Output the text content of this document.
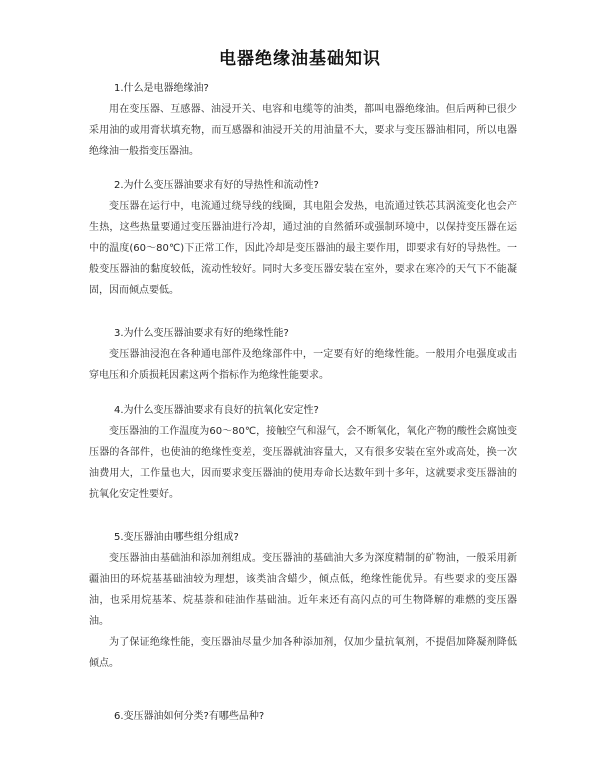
电器绝缘油基础知识
1.什么是电器绝缘油?
用在变压器、互感器、油浸开关、电容和电缆等的油类，都叫电器绝缘油。但后两种已很少采用油的或用膏状填充物，而互感器和油浸开关的用油量不大，要求与变压器油相同，所以电器绝缘油一般指变压器油。
2.为什么变压器油要求有好的导热性和流动性?
变压器在运行中，电流通过绕导线的线圈，其电阻会发热，电流通过铁芯其涡流变化也会产生热，这些热量要通过变压器油进行冷却，通过油的自然循环或强制环境中，以保持变压器在运中的温度(60～80℃)下正常工作，因此冷却是变压器油的最主要作用，即要求有好的导热性。一般变压器油的黏度较低，流动性较好。同时大多变压器安装在室外，要求在寒冷的天气下不能凝固，因而倾点要低。
3.为什么变压器油要求有好的绝缘性能?
变压器油浸泡在各种通电部件及绝缘部件中，一定要有好的绝缘性能。一般用介电强度或击穿电压和介质损耗因素这两个指标作为绝缘性能要求。
4.为什么变压器油要求有良好的抗氧化安定性?
变压器油的工作温度为60～80℃，接触空气和湿气，会不断氧化，氧化产物的酸性会腐蚀变压器的各部件，也使油的绝缘性变差，变压器就油容量大，又有很多安装在室外或高处，换一次油费用大，工作量也大，因而要求变压器油的使用寿命长达数年到十多年，这就要求变压器油的抗氧化安定性要好。
5.变压器油由哪些组分组成?
变压器油由基础油和添加剂组成。变压器油的基础油大多为深度精制的矿物油，一般采用新疆油田的环烷基基础油较为理想，该类油含蜡少，倾点低，绝缘性能优异。有些要求的变压器油，也采用烷基苯、烷基萘和硅油作基础油。近年来还有高闪点的可生物降解的难燃的变压器油。
为了保证绝缘性能，变压器油尽量少加各种添加剂，仅加少量抗氧剂，不提倡加降凝剂降低倾点。
6.变压器油如何分类?有哪些品种?
